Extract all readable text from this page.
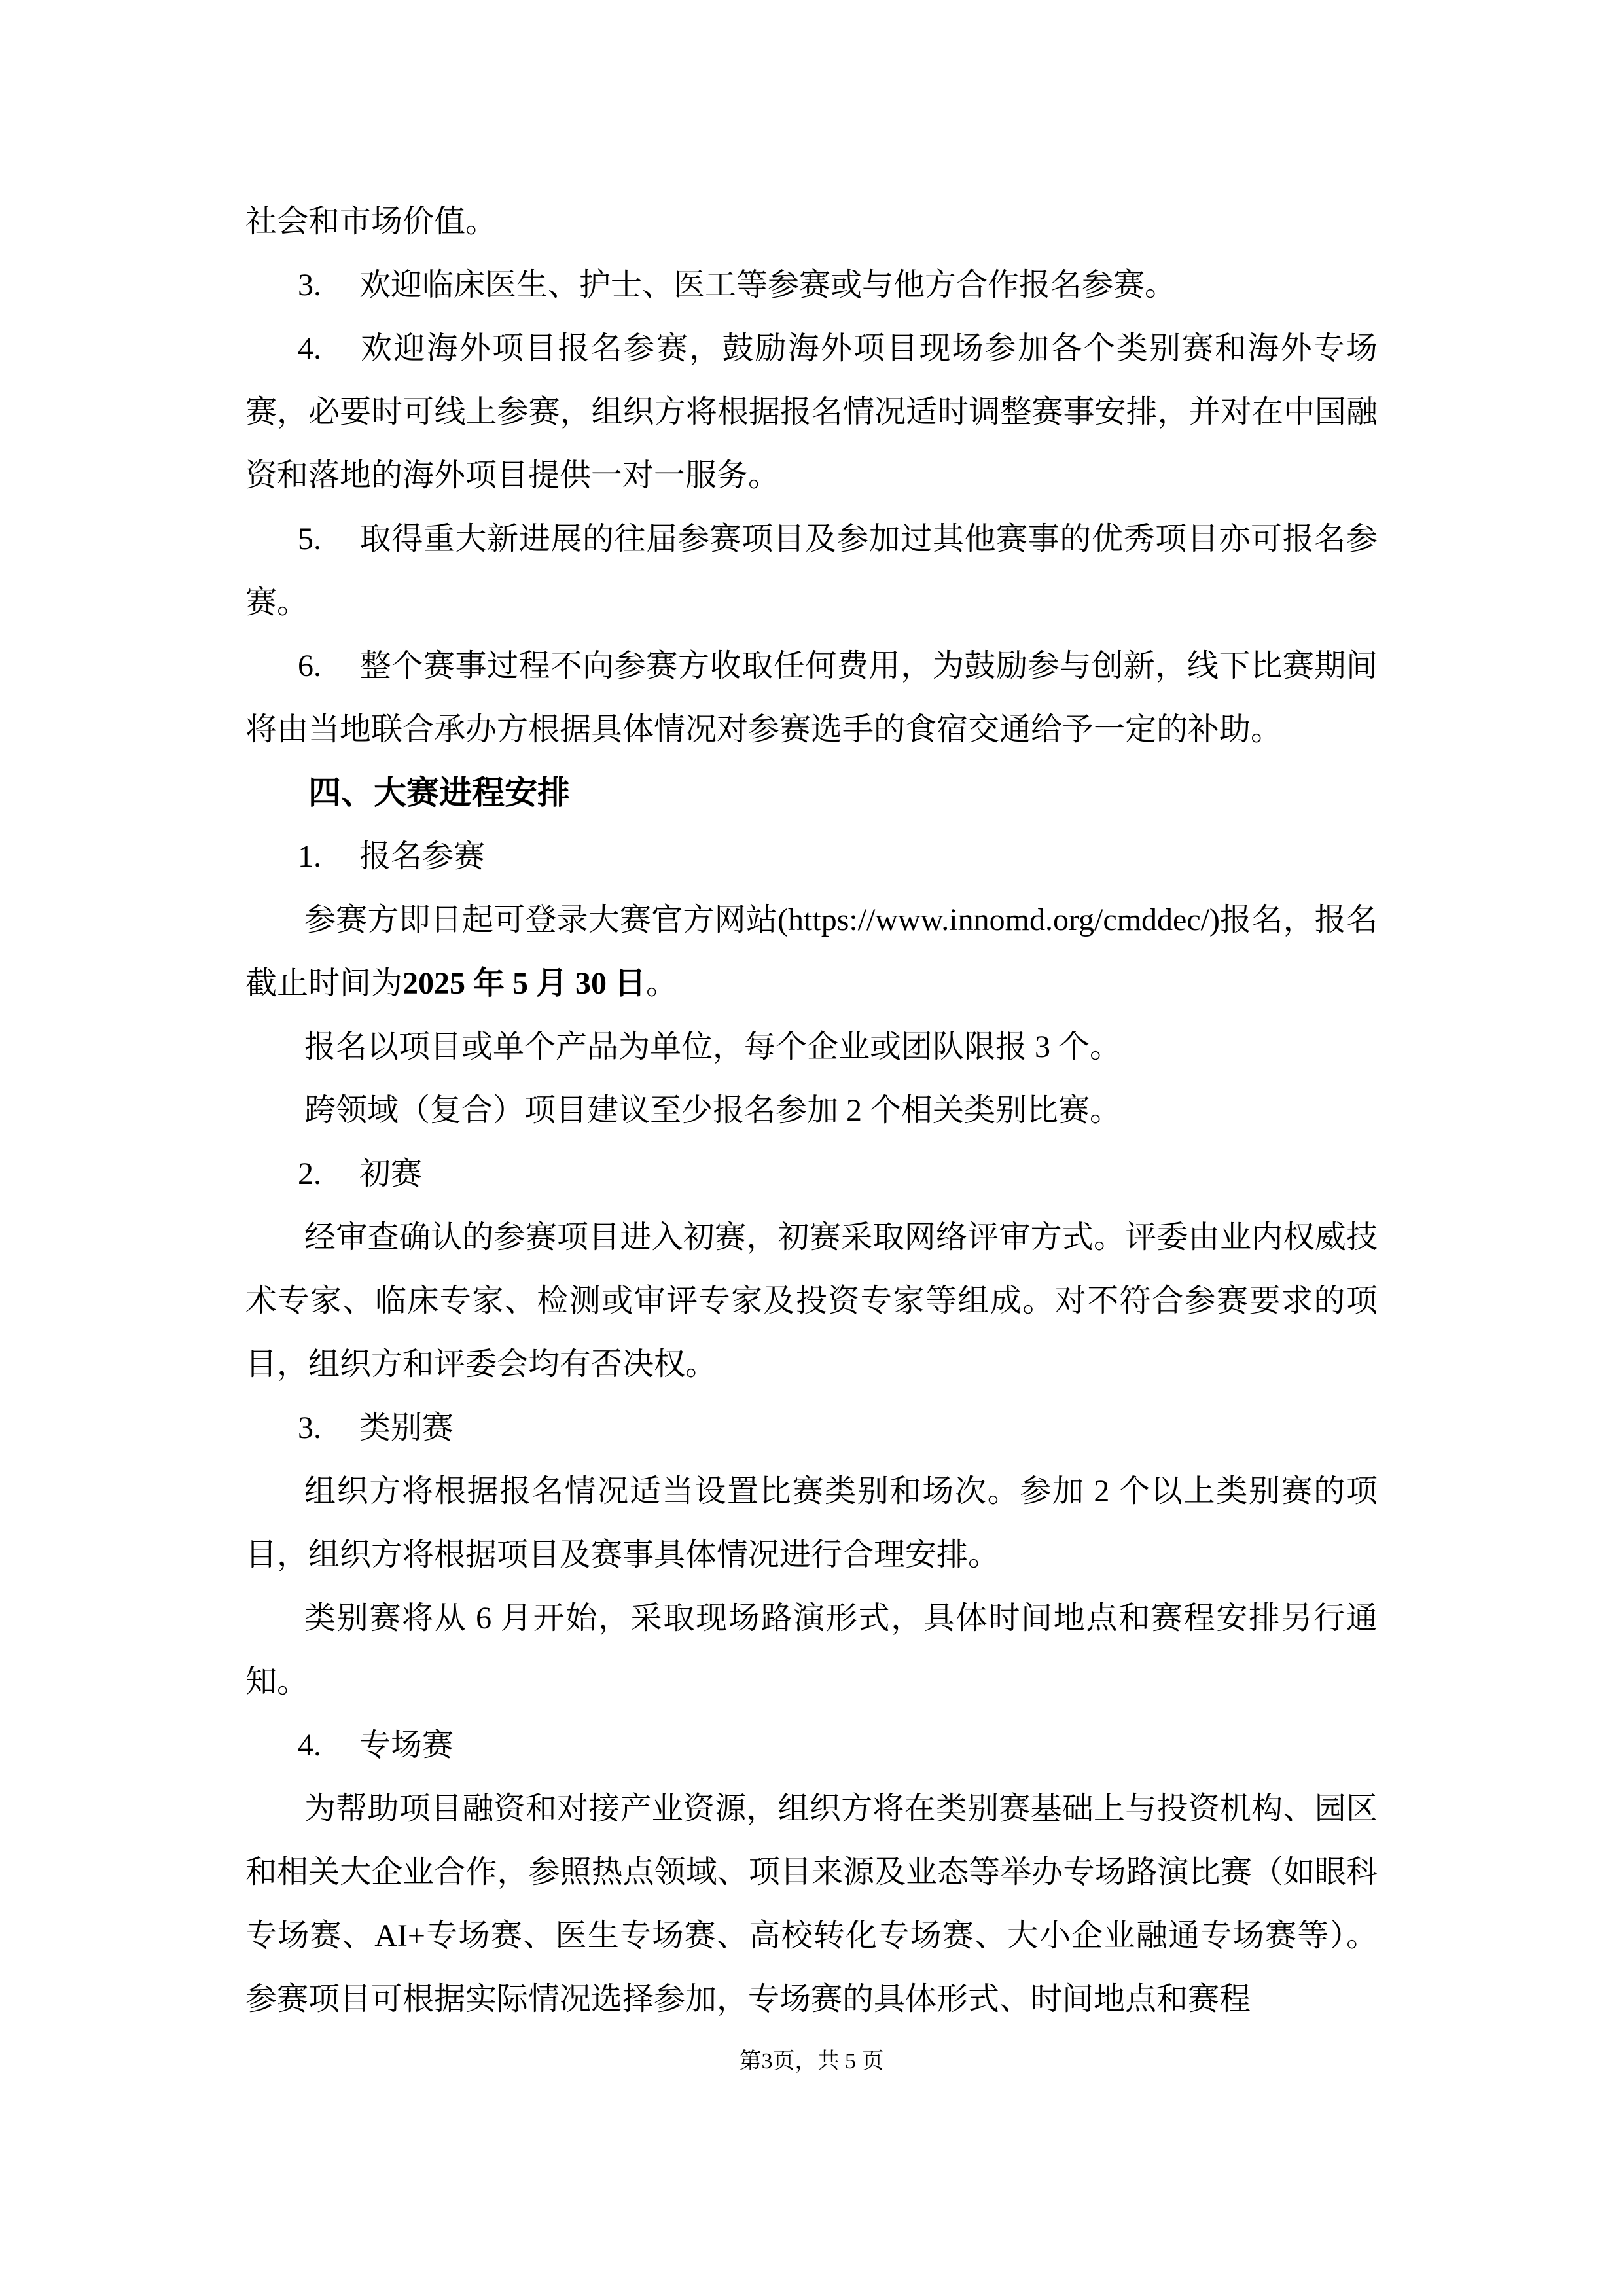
社会和市场价值。

3. 欢迎临床医生、护士、医工等参赛或与他方合作报名参赛。

4. 欢迎海外项目报名参赛，鼓励海外项目现场参加各个类别赛和海外专场赛，必要时可线上参赛，组织方将根据报名情况适时调整赛事安排，并对在中国融资和落地的海外项目提供一对一服务。

5. 取得重大新进展的往届参赛项目及参加过其他赛事的优秀项目亦可报名参赛。

6. 整个赛事过程不向参赛方收取任何费用，为鼓励参与创新，线下比赛期间将由当地联合承办方根据具体情况对参赛选手的食宿交通给予一定的补助。

四、大赛进程安排

1. 报名参赛

参赛方即日起可登录大赛官方网站(https://www.innomd.org/cmddec/)报名，报名截止时间为2025 年 5 月 30 日。

报名以项目或单个产品为单位，每个企业或团队限报 3 个。

跨领域（复合）项目建议至少报名参加 2 个相关类别比赛。

2. 初赛

经审查确认的参赛项目进入初赛，初赛采取网络评审方式。评委由业内权威技术专家、临床专家、检测或审评专家及投资专家等组成。对不符合参赛要求的项目，组织方和评委会均有否决权。

3. 类别赛

组织方将根据报名情况适当设置比赛类别和场次。参加 2 个以上类别赛的项目，组织方将根据项目及赛事具体情况进行合理安排。

类别赛将从 6 月开始，采取现场路演形式，具体时间地点和赛程安排另行通知。

4. 专场赛

为帮助项目融资和对接产业资源，组织方将在类别赛基础上与投资机构、园区和相关大企业合作，参照热点领域、项目来源及业态等举办专场路演比赛（如眼科专场赛、AI+专场赛、医生专场赛、高校转化专场赛、大小企业融通专场赛等）。参赛项目可根据实际情况选择参加，专场赛的具体形式、时间地点和赛程

第3页，共 5 页
